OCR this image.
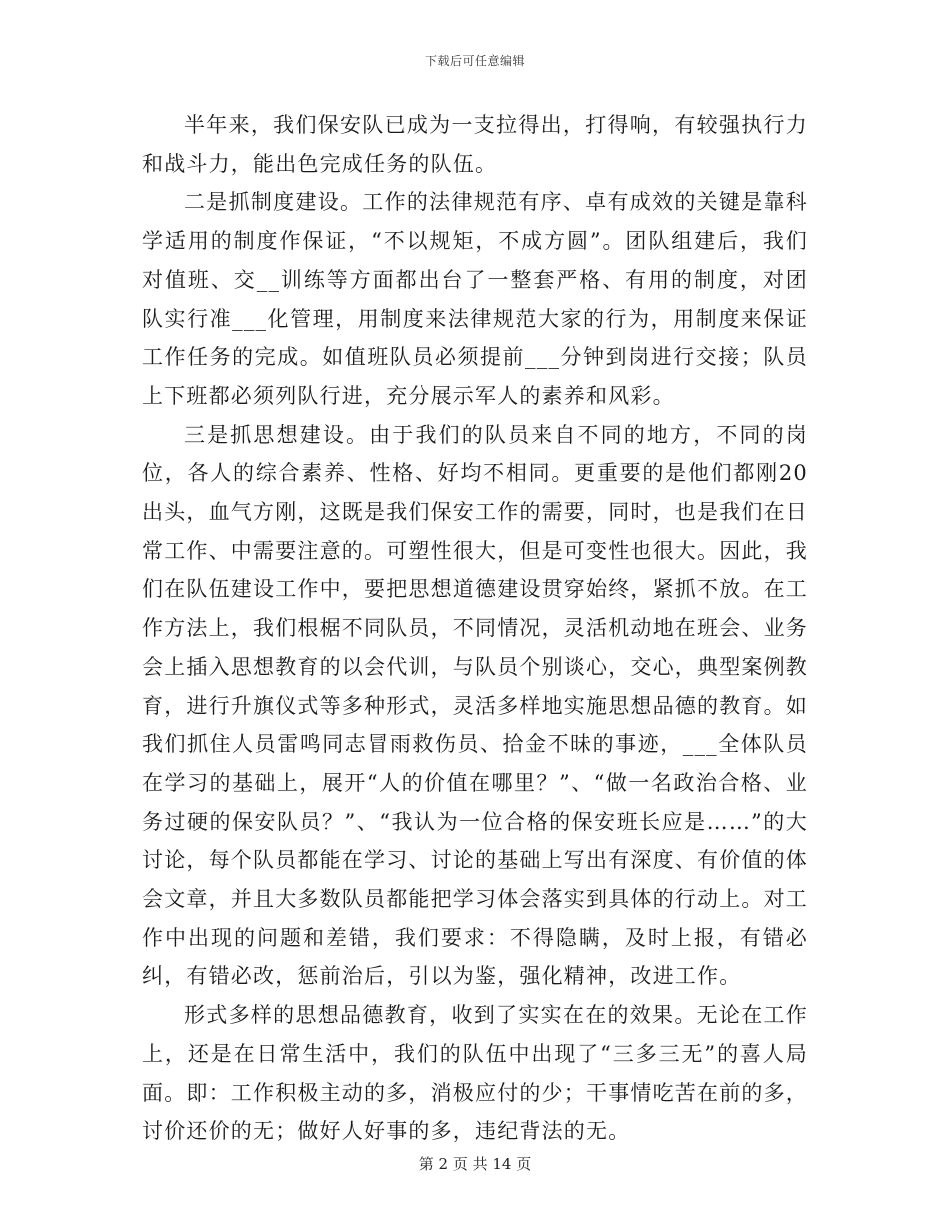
下载后可任意编辑

半年来，我们保安队已成为一支拉得出，打得响，有较强执行力和战斗力，能出色完成任务的队伍。

二是抓制度建设。工作的法律规范有序、卓有成效的关键是靠科学适用的制度作保证，“不以规矩，不成方圆”。团队组建后，我们对值班、交__训练等方面都出台了一整套严格、有用的制度，对团队实行准___化管理，用制度来法律规范大家的行为，用制度来保证工作任务的完成。如值班队员必须提前___分钟到岗进行交接；队员上下班都必须列队行进，充分展示军人的素养和风彩。

三是抓思想建设。由于我们的队员来自不同的地方，不同的岗位，各人的综合素养、性格、好均不相同。更重要的是他们都刚20出头，血气方刚，这既是我们保安工作的需要，同时，也是我们在日常工作、中需要注意的。可塑性很大，但是可变性也很大。因此，我们在队伍建设工作中，要把思想道德建设贯穿始终，紧抓不放。在工作方法上，我们根椐不同队员，不同情况，灵活机动地在班会、业务会上插入思想教育的以会代训，与队员个别谈心，交心，典型案例教育，进行升旗仪式等多种形式，灵活多样地实施思想品德的教育。如我们抓住人员雷鸣同志冒雨救伤员、拾金不昧的事迹，___全体队员在学习的基础上，展开“人的价值在哪里？”、“做一名政治合格、业务过硬的保安队员？”、“我认为一位合格的保安班长应是……”的大讨论，每个队员都能在学习、讨论的基础上写出有深度、有价值的体会文章，并且大多数队员都能把学习体会落实到具体的行动上。对工作中出现的问题和差错，我们要求：不得隐瞒，及时上报，有错必纠，有错必改，惩前治后，引以为鉴，强化精神，改进工作。

形式多样的思想品德教育，收到了实实在在的效果。无论在工作上，还是在日常生活中，我们的队伍中出现了“三多三无”的喜人局面。即：工作积极主动的多，消极应付的少；干事情吃苦在前的多，讨价还价的无；做好人好事的多，违纪背法的无。

第 2 页 共 14 页
